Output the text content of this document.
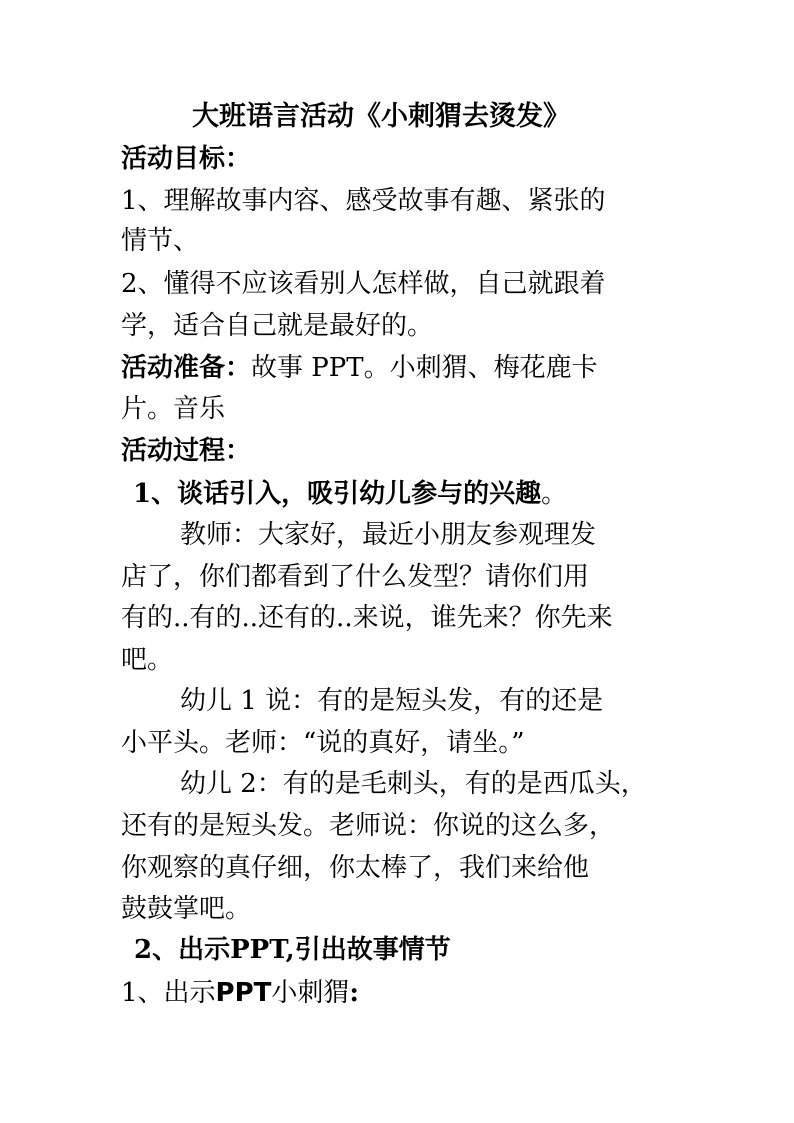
大班语言活动《小刺猬去烫发》

活动目标：

1、理解故事内容、感受故事有趣、紧张的

情节、

2、懂得不应该看别人怎样做，自己就跟着

学，适合自己就是最好的。

活动准备：故事 PPT。小刺猬、梅花鹿卡

片。音乐

活动过程：

1、谈话引入，吸引幼儿参与的兴趣。

教师：大家好，最近小朋友参观理发

店了，你们都看到了什么发型？请你们用

有的..有的..还有的..来说，谁先来？你先来

吧。

幼儿 1 说：有的是短头发，有的还是

小平头。老师：“说的真好，请坐。”

幼儿 2：有的是毛刺头，有的是西瓜头，

还有的是短头发。老师说：你说的这么多，

你观察的真仔细，你太棒了，我们来给他

鼓鼓掌吧。

2、出示PPT,引出故事情节

1、出示PPT小刺猬:
